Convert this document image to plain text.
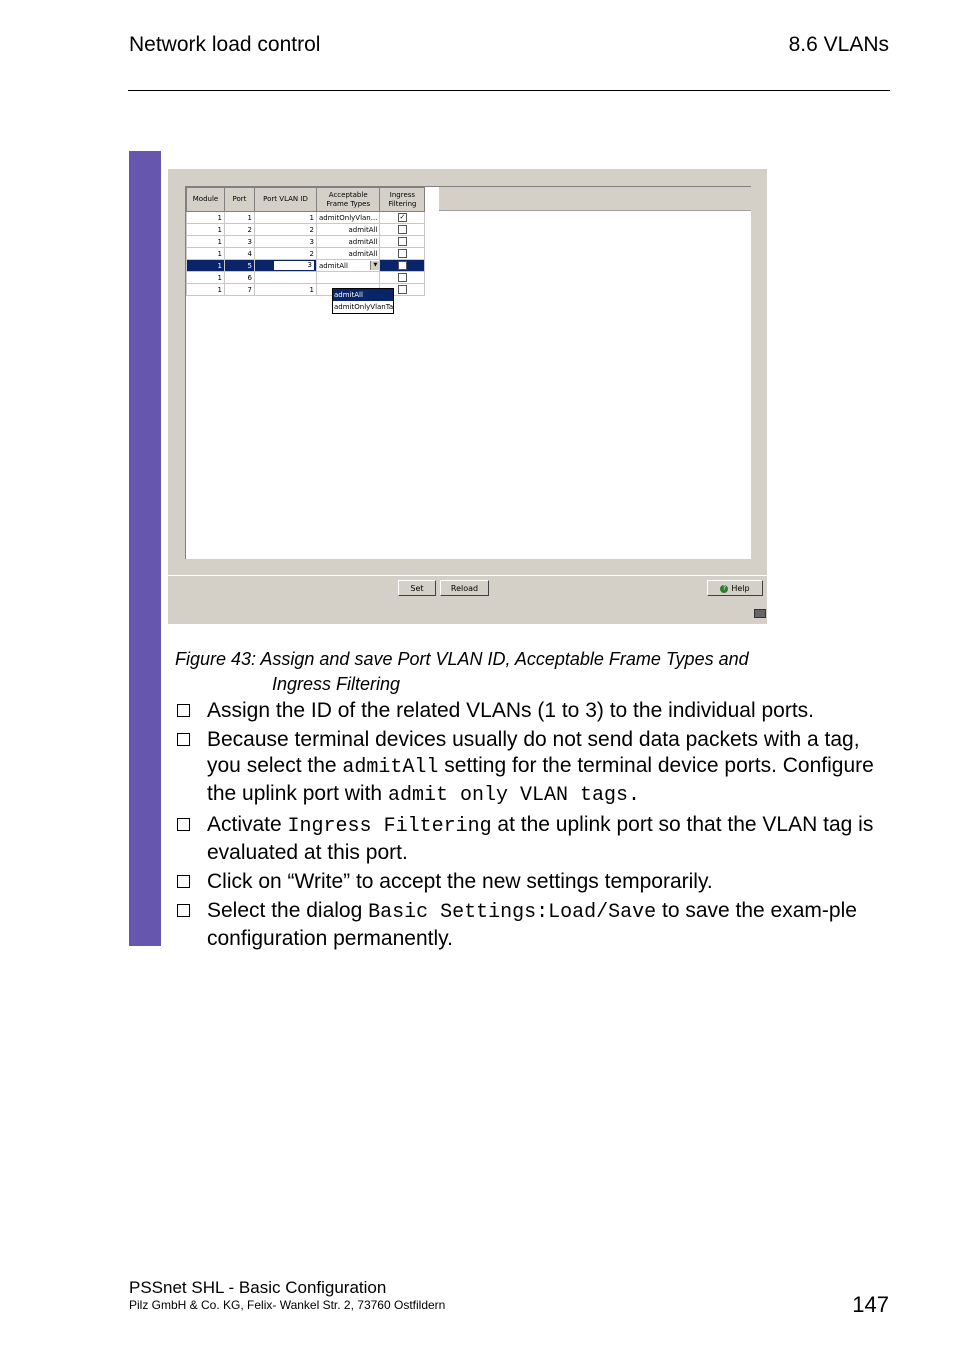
Network load control	8.6 VLANs
Module	Port	Port VLAN ID	Acceptable Frame Types	Ingress Filtering
1	1	1	admitOnlyVlan...	✓
1	2	2	admitAll	
1	3	3	admitAll	
1	4	2	admitAll	
1	5	3	admitAll ▼	

1	6			
1	7	1		
admitAll
admitOnlyVlanTa
Set	Reload	? Help
Figure 43: Assign and save Port VLAN ID, Acceptable Frame Types and
Ingress Filtering
Assign the ID of the related VLANs (1 to 3) to the individual ports.
Because terminal devices usually do not send data packets with a tag, you select the admitAll setting for the terminal device ports. Configure the uplink port with admit only VLAN tags.
Activate Ingress Filtering at the uplink port so that the VLAN tag is evaluated at this port.
Click on “Write” to accept the new settings temporarily.
Select the dialog Basic Settings:Load/Save to save the exam-ple configuration permanently.
PSSnet SHL - Basic Configuration
Pilz GmbH & Co. KG, Felix- Wankel Str. 2, 73760 Ostfildern	147
